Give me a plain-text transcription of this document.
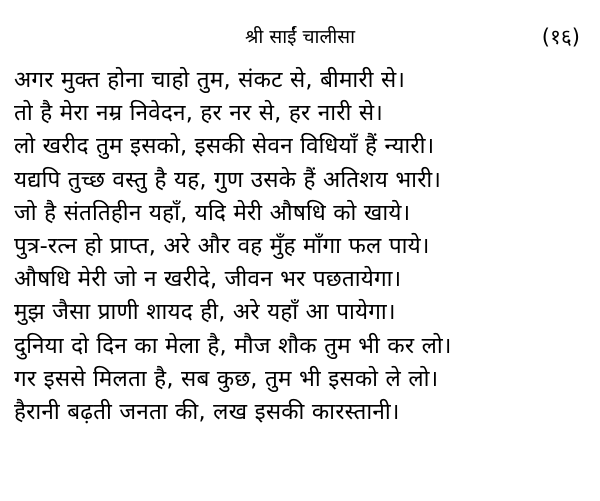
श्री साईं चालीसा	(१६)
अगर मुक्त होना चाहो तुम, संकट से, बीमारी से।
तो है मेरा नम्र निवेदन, हर नर से, हर नारी से।
लो खरीद तुम इसको, इसकी सेवन विधियाँ हैं न्यारी।
यद्यपि तुच्छ वस्तु है यह, गुण उसके हैं अतिशय भारी।
जो है संततिहीन यहाँ, यदि मेरी औषधि को खाये।
पुत्र-रत्न हो प्राप्त, अरे और वह मुँह माँगा फल पाये।
औषधि मेरी जो न खरीदे, जीवन भर पछतायेगा।
मुझ जैसा प्राणी शायद ही, अरे यहाँ आ पायेगा।
दुनिया दो दिन का मेला है, मौज शौक तुम भी कर लो।
गर इससे मिलता है, सब कुछ, तुम भी इसको ले लो।
हैरानी बढ़ती जनता की, लख इसकी कारस्तानी।
